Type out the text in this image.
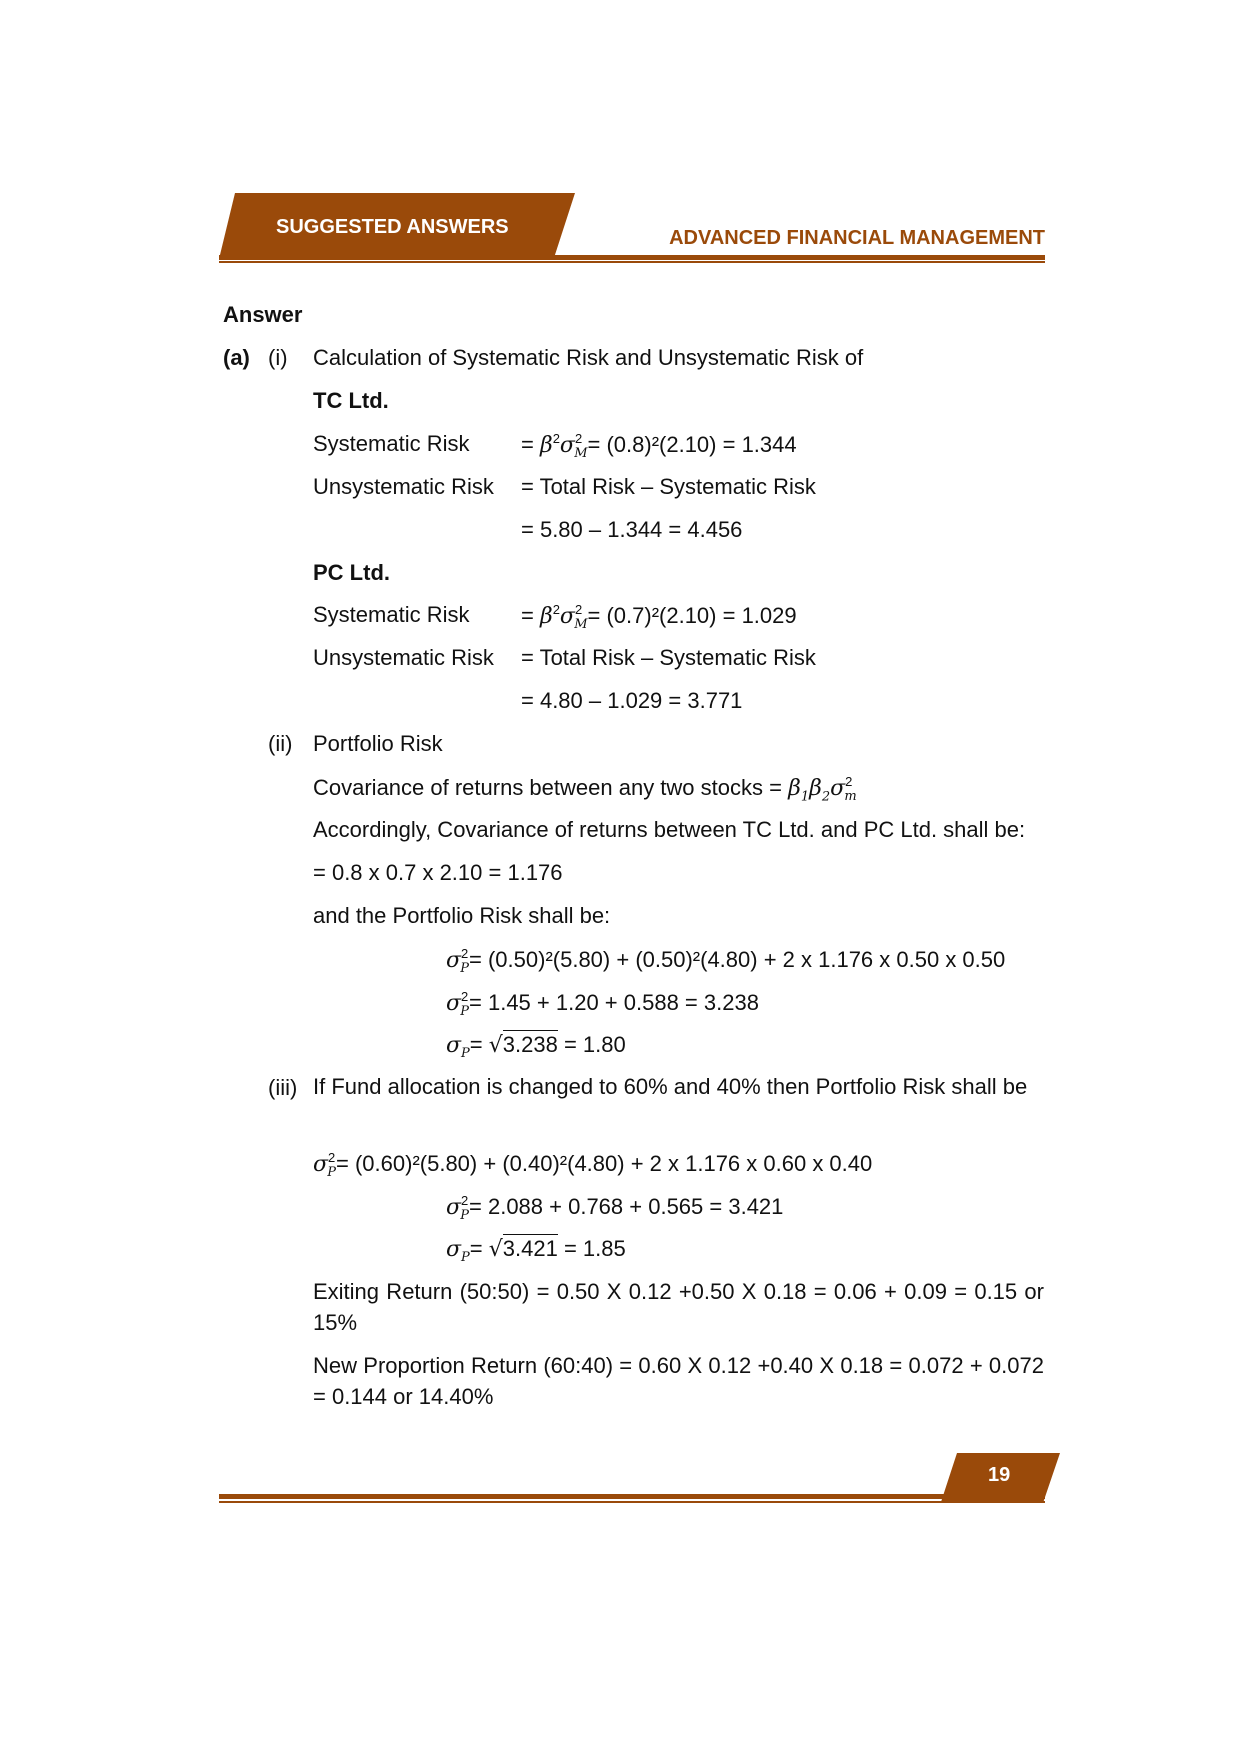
SUGGESTED ANSWERS	ADVANCED FINANCIAL MANAGEMENT
Answer
(a) (i) Calculation of Systematic Risk and Unsystematic Risk of
TC Ltd.
Systematic Risk = $\beta^2\sigma^2_M= (0.8)^2(2.10) = 1.344$
Unsystematic Risk = Total Risk – Systematic Risk
= 5.80 – 1.344 = 4.456
PC Ltd.
Systematic Risk = $\beta^2\sigma^2_M= (0.7)^2(2.10) = 1.029$
Unsystematic Risk = Total Risk – Systematic Risk
= 4.80 – 1.029 = 3.771
(ii) Portfolio Risk
Covariance of returns between any two stocks = $\beta_1\beta_2\sigma^2_m$
Accordingly, Covariance of returns between TC Ltd. and PC Ltd. shall be:
= 0.8 x 0.7 x 2.10 = 1.176
and the Portfolio Risk shall be:
$\sigma^2_P= (0.50)^2(5.80) + (0.50)^2(4.80) + 2$ x 1.176 x 0.50 x 0.50
$\sigma^2_P= 1.45 + 1.20 + 0.588 = 3.238$
$\sigma_P= √3.238 = 1.80$
(iii) If Fund allocation is changed to 60% and 40% then Portfolio Risk shall be
$\sigma^2_P= (0.60)^2(5.80) + (0.40)^2(4.80) + 2$ x 1.176 x 0.60 x 0.40
$\sigma^2_P= 2.088 + 0.768 + 0.565 = 3.421$
$\sigma_P= √3.421 = 1.85$
Exiting Return (50:50) = 0.50 X 0.12 +0.50 X 0.18 = 0.06 + 0.09 = 0.15 or 15%
New Proportion Return (60:40) = 0.60 X 0.12 +0.40 X 0.18 = 0.072 + 0.072 = 0.144 or 14.40%
19
